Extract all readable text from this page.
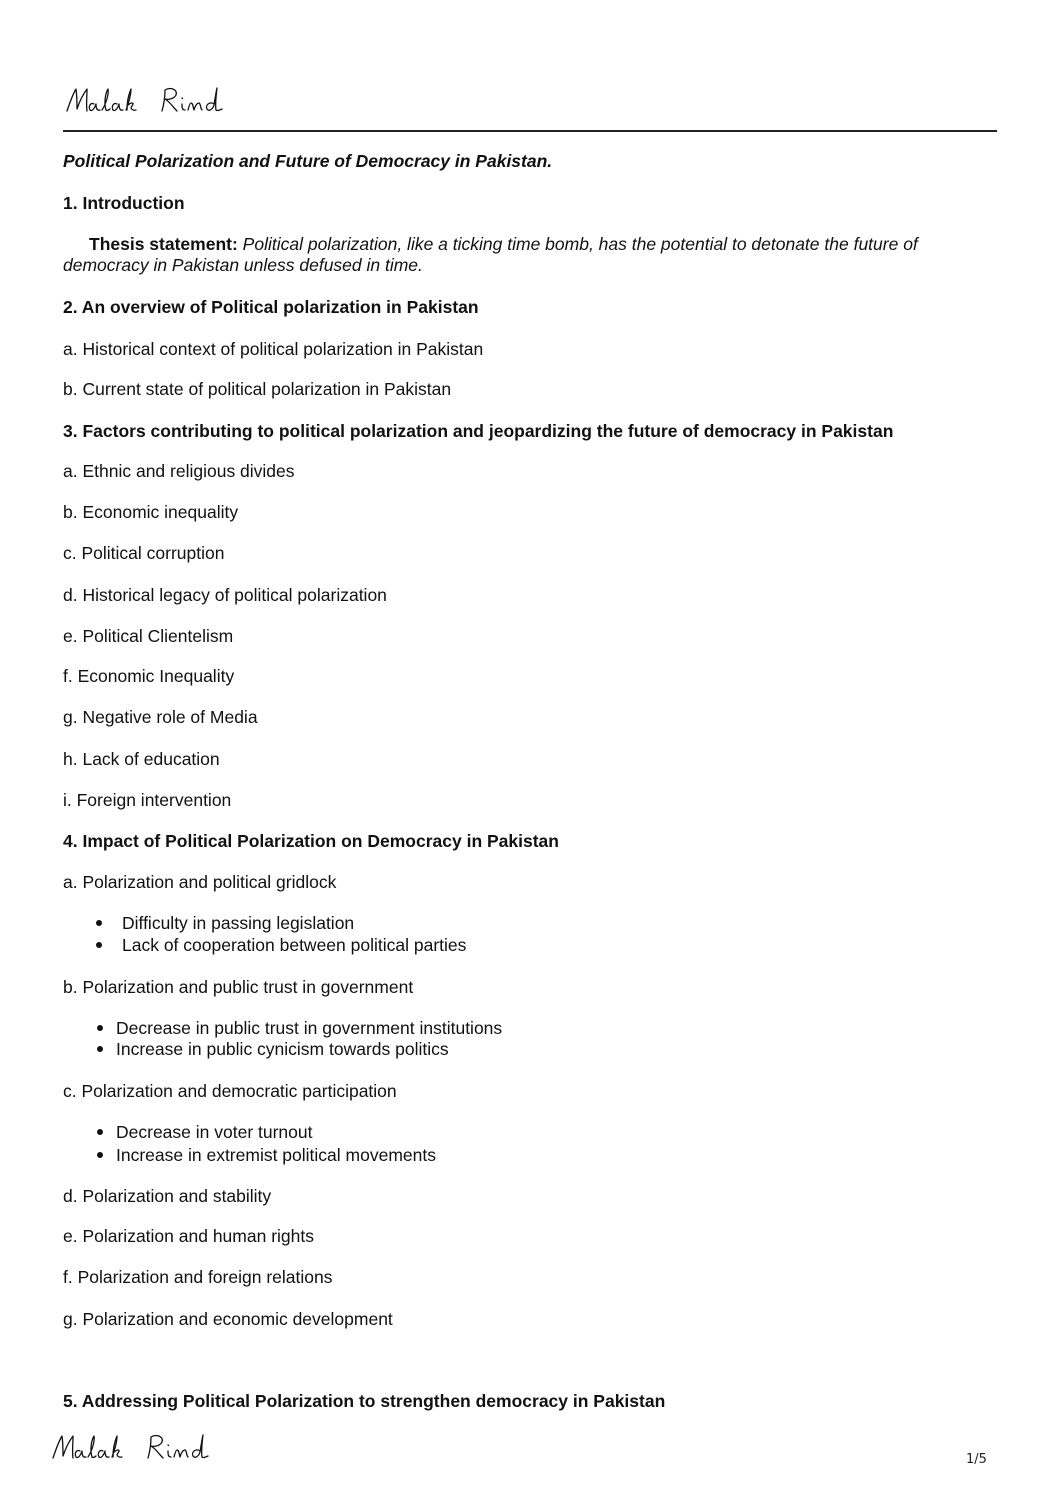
Political Polarization and Future of Democracy in Pakistan.
1. Introduction
Thesis statement: Political polarization, like a ticking time bomb, has the potential to detonate the future of democracy in Pakistan unless defused in time.
2. An overview of Political polarization in Pakistan
a. Historical context of political polarization in Pakistan
b. Current state of political polarization in Pakistan
3. Factors contributing to political polarization and jeopardizing the future of democracy in Pakistan
a. Ethnic and religious divides
b. Economic inequality
c. Political corruption
d. Historical legacy of political polarization
e. Political Clientelism
f. Economic Inequality
g. Negative role of Media
h. Lack of education
i. Foreign intervention
4. Impact of Political Polarization on Democracy in Pakistan
a. Polarization and political gridlock
Difficulty in passing legislation
Lack of cooperation between political parties
b. Polarization and public trust in government
Decrease in public trust in government institutions
Increase in public cynicism towards politics
c. Polarization and democratic participation
Decrease in voter turnout
Increase in extremist political movements
d. Polarization and stability
e. Polarization and human rights
f. Polarization and foreign relations
g. Polarization and economic development
5. Addressing Political Polarization to strengthen democracy in Pakistan
1/5
